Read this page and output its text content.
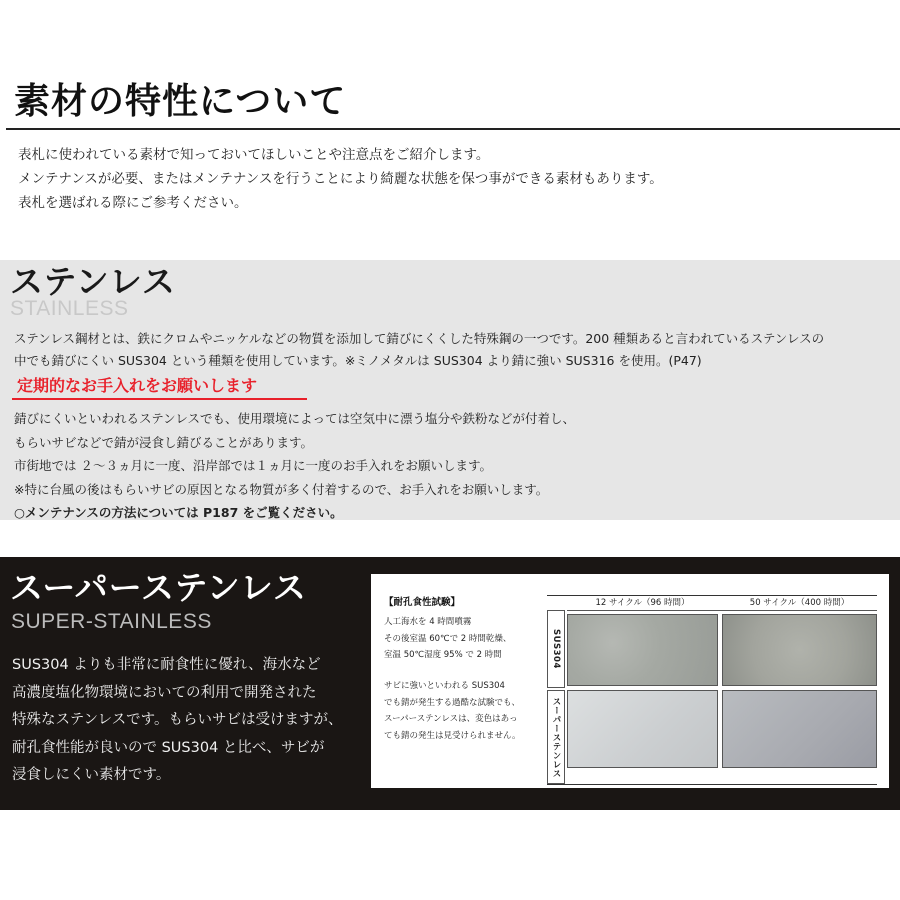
素材の特性について
表札に使われている素材で知っておいてほしいことや注意点をご紹介します。
メンテナンスが必要、またはメンテナンスを行うことにより綺麗な状態を保つ事ができる素材もあります。
表札を選ばれる際にご参考ください。
ステンレス
STAINLESS
ステンレス鋼材とは、鉄にクロムやニッケルなどの物質を添加して錆びにくくした特殊鋼の一つです。200 種類あると言われているステンレスの
中でも錆びにくい SUS304 という種類を使用しています。※ミノメタルは SUS304 より錆に強い SUS316 を使用。(P47)
定期的なお手入れをお願いします
錆びにくいといわれるステンレスでも、使用環境によっては空気中に漂う塩分や鉄粉などが付着し、
もらいサビなどで錆が浸食し錆びることがあります。
市街地では ２～３ヵ月に一度、沿岸部では１ヵ月に一度のお手入れをお願いします。
※特に台風の後はもらいサビの原因となる物質が多く付着するので、お手入れをお願いします。
○メンテナンスの方法については P187 をご覧ください。
スーパーステンレス
SUPER-STAINLESS
SUS304 よりも非常に耐食性に優れ、海水など
高濃度塩化物環境においての利用で開発された
特殊なステンレスです。もらいサビは受けますが、
耐孔食性能が良いので SUS304 と比べ、サビが
浸食しにくい素材です。
【耐孔食性試験】
人工海水を 4 時間噴霧
その後室温 60℃で 2 時間乾燥、
室温 50℃湿度 95% で 2 時間
サビに強いといわれる SUS304
でも錆が発生する過酷な試験でも、
スーパーステンレスは、変色はあっ
ても錆の発生は見受けられません。
12 サイクル（96 時間）	50 サイクル（400 時間）
SUS304
スーパーステンレス
